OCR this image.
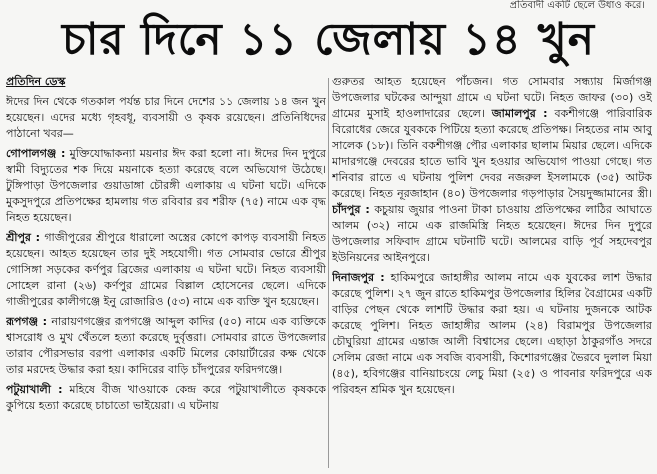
প্রতিবাদী একটি ছেলে উধাও করে।
চার দিনে ১১ জেলায় ১৪ খুন
প্রতিদিন ডেস্ক

ঈদের দিন থেকে গতকাল পর্যন্ত চার দিনে দেশের ১১ জেলায় ১৪ জন খুন হয়েছেন। এদের মধ্যে গৃহবধূ, ব্যবসায়ী ও কৃষক রয়েছেন। প্রতিনিধিদের পাঠানো খবর—

গোপালগঞ্জ : মুক্তিযোদ্ধাকন্যা ময়নার ঈদ করা হলো না। ঈদের দিন দুপুরে স্বামী বিদ্যুতের শক দিয়ে ময়নাকে হত্যা করেছে বলে অভিযোগ উঠেছে। টুঙ্গিপাড়া উপজেলার গুয়াডাঙ্গা চৌরঙ্গী এলাকায় এ ঘটনা ঘটে। এদিকে মুকসুদপুরে প্রতিপক্ষের হামলায় গত রবিবার রব শরীফ (৭৫) নামে এক বৃদ্ধ নিহত হয়েছেন।

শ্রীপুর : গাজীপুরের শ্রীপুরে ধারালো অস্ত্রের কোপে কাপড় ব্যবসায়ী নিহত হয়েছেন। আহত হয়েছেন তার দুই সহযোগী। গত সোমবার ভোরে শ্রীপুর গোসিঙ্গা সড়কের কর্ণপুর ব্রিজের এলাকায় এ ঘটনা ঘটে। নিহত ব্যবসায়ী সোহেল রানা (২৬) কর্ণপুর গ্রামের বিল্লাল হোসেনের ছেলে। এদিকে গাজীপুরের কালীগঞ্জে ইনু রোজারিও (৫৩) নামে এক ব্যক্তি খুন হয়েছেন।

রূপগঞ্জ : নারায়ণগঞ্জের রূপগঞ্জে আব্দুল কাদির (৫০) নামে এক ব্যক্তিকে শ্বাসরোধ ও মুখ থেঁতলে হত্যা করেছে দুর্বৃত্তরা। সোমবার রাতে উপজেলার তারাব পৌরসভার বরপা এলাকার একটি মিলের কোয়ার্টারের কক্ষ থেকে তার মরদেহ উদ্ধার করা হয়। কাদিরের বাড়ি চাঁদপুরের ফরিদগঞ্জে।

পটুয়াখালী : মহিষে বীজ খাওয়াকে কেন্দ্র করে পটুয়াখালীতে কৃষককে কুপিয়ে হত্যা করেছে চাচাতো ভাইয়েরা। এ ঘটনায়

গুরুতর আহত হয়েছেন পাঁচজন। গত সোমবার সন্ধ্যায় মির্জাগঞ্জ উপজেলার ঘটকের আন্দুয়া গ্রামে এ ঘটনা ঘটে। নিহত জাফর (৩০) ওই গ্রামের মুসাই হাওলাদারের ছেলে। জামালপুর : বকশীগঞ্জে পারিবারিক বিরোধের জেরে যুবককে পিটিয়ে হত্যা করেছে প্রতিপক্ষ। নিহতের নাম আবু সালেক (১৮)। তিনি বকশীগঞ্জ পৌর এলাকার ছালাম মিয়ার ছেলে। এদিকে মাদারগঞ্জে দেবরের হাতে ভাবি খুন হওয়ার অভিযোগ পাওয়া গেছে। গত শনিবার রাতে এ ঘটনায় পুলিশ দেবর নজরুল ইসলামকে (৩৫) আটক করেছে। নিহত নূরজাহান (৪০) উপজেলার গড়পাড়ার সৈয়দুজ্জামানের স্ত্রী। চাঁদপুর : কচুয়ায় জুয়ার পাওনা টাকা চাওয়ায় প্রতিপক্ষের লাঠির আঘাতে আলম (৩২) নামে এক রাজমিস্ত্রি নিহত হয়েছেন। ঈদের দিন দুপুরে উপজেলার সফিবাদ গ্রামে ঘটনাটি ঘটে। আলমের বাড়ি পূর্ব সহদেবপুর ইউনিয়নের আইনপুরে।

দিনাজপুর : হাকিমপুরে জাহাঙ্গীর আলম নামে এক যুবকের লাশ উদ্ধার করেছে পুলিশ। ২৭ জুন রাতে হাকিমপুর উপজেলার হিলির বৈগ্রামের একটি বাড়ির পেছন থেকে লাশটি উদ্ধার করা হয়। এ ঘটনায় দুজনকে আটক করেছে পুলিশ। নিহত জাহাঙ্গীর আলম (২৪) বিরামপুর উপজেলার চৌঘুরিয়া গ্রামের এন্তাজ আলী বিশ্বাসের ছেলে। এছাড়া ঠাকুরগাঁও সদরে সেলিম রেজা নামে এক সবজি ব্যবসায়ী, কিশোরগঞ্জের ভৈরবে দুলাল মিয়া (৪৫), হবিগঞ্জের বানিয়াচংয়ে লেচু মিয়া (২৫) ও পাবনার ফরিদপুরে এক পরিবহন শ্রমিক খুন হয়েছেন।
